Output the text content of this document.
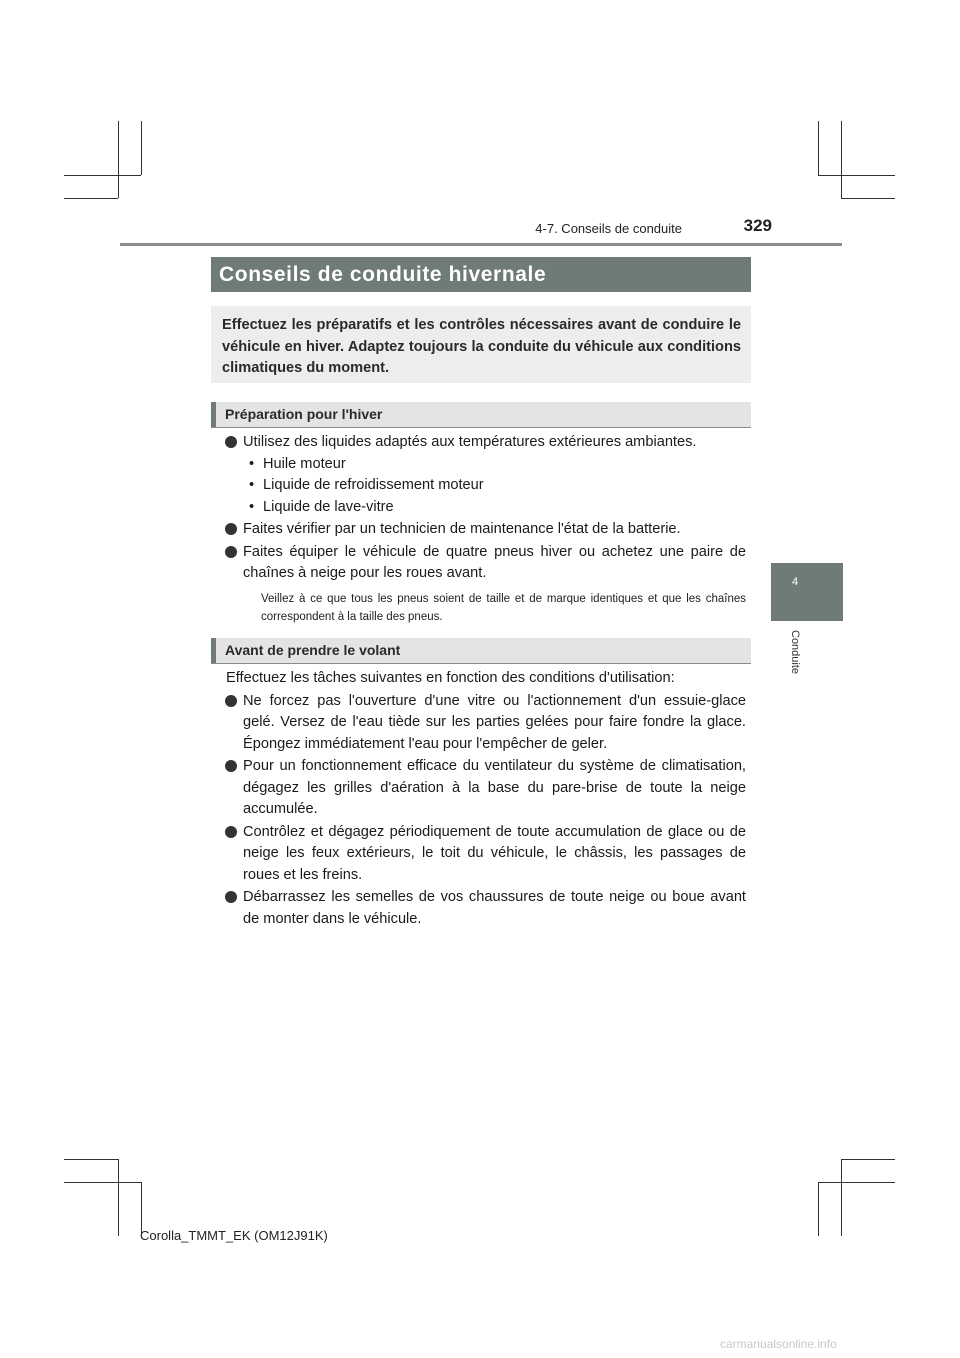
4-7. Conseils de conduite	329
4
Conduite
Conseils de conduite hivernale

Effectuez les préparatifs et les contrôles nécessaires avant de conduire le véhicule en hiver. Adaptez toujours la conduite du véhicule aux conditions climatiques du moment.

Préparation pour l'hiver
Utilisez des liquides adaptés aux températures extérieures ambiantes.
• Huile moteur
• Liquide de refroidissement moteur
• Liquide de lave-vitre
Faites vérifier par un technicien de maintenance l'état de la batterie.
Faites équiper le véhicule de quatre pneus hiver ou achetez une paire de chaînes à neige pour les roues avant.
Veillez à ce que tous les pneus soient de taille et de marque identiques et que les chaînes correspondent à la taille des pneus.
Avant de prendre le volant
Effectuez les tâches suivantes en fonction des conditions d'utilisation:
Ne forcez pas l'ouverture d'une vitre ou l'actionnement d'un essuie-glace gelé. Versez de l'eau tiède sur les parties gelées pour faire fondre la glace. Épongez immédiatement l'eau pour l'empêcher de geler.
Pour un fonctionnement efficace du ventilateur du système de climatisation, dégagez les grilles d'aération à la base du pare-brise de toute la neige accumulée.
Contrôlez et dégagez périodiquement de toute accumulation de glace ou de neige les feux extérieurs, le toit du véhicule, le châssis, les passages de roues et les freins.
Débarrassez les semelles de vos chaussures de toute neige ou boue avant de monter dans le véhicule.
Corolla_TMMT_EK (OM12J91K)
carmanualsonline.info
